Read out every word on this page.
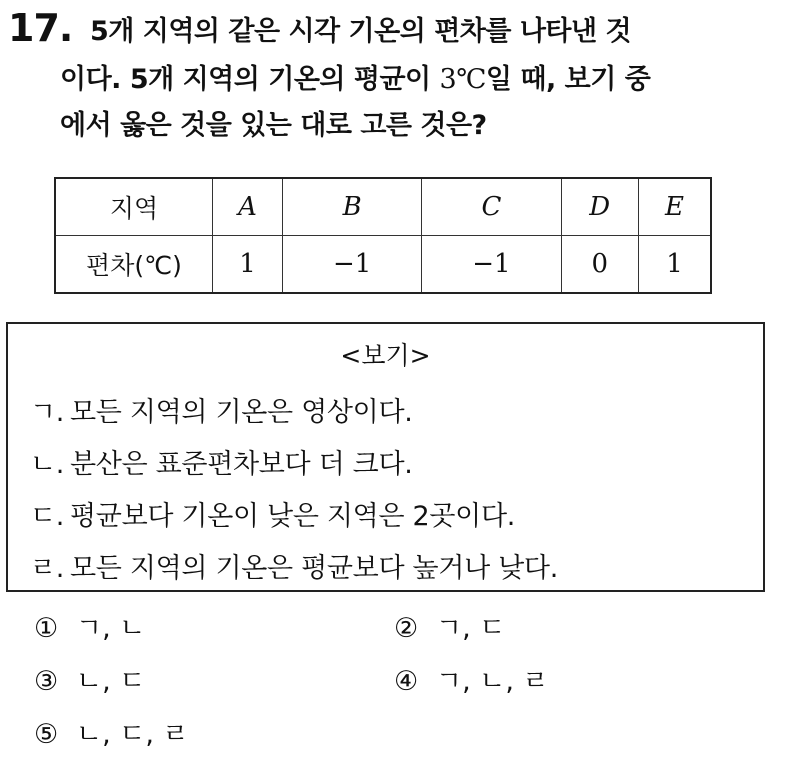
17. 5개 지역의 같은 시각 기온의 편차를 나타낸 것
이다. 5개 지역의 기온의 평균이 3℃일 때, 보기 중
에서 옳은 것을 있는 대로 고른 것은?
지역	A	B	C	D	E
편차(℃)	1	−1	−1	0	1
<보기>
ㄱ. 모든 지역의 기온은 영상이다.
ㄴ. 분산은 표준편차보다 더 크다.
ㄷ. 평균보다 기온이 낮은 지역은 2곳이다.
ㄹ. 모든 지역의 기온은 평균보다 높거나 낮다.
① ㄱ, ㄴ	② ㄱ, ㄷ
③ ㄴ, ㄷ	④ ㄱ, ㄴ, ㄹ
⑤ ㄴ, ㄷ, ㄹ
